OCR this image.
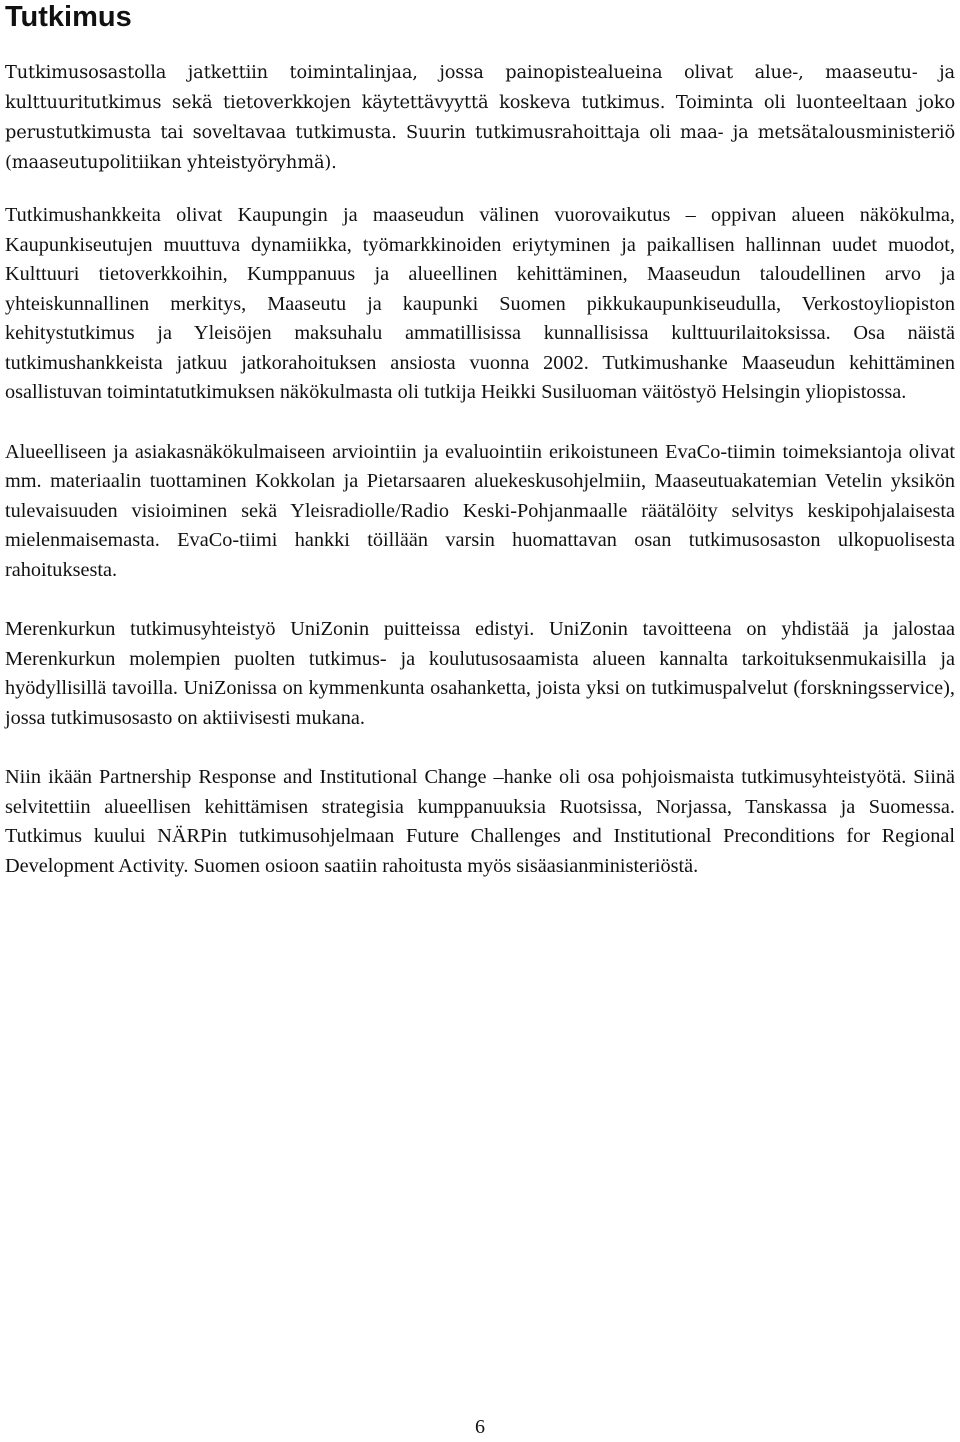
Tutkimus

Tutkimusosastolla jatkettiin toimintalinjaa, jossa painopistealueina olivat alue-, maaseutu- ja kulttuuritutkimus sekä tietoverkkojen käytettävyyttä koskeva tutkimus. Toiminta oli luonteeltaan joko perustutkimusta tai soveltavaa tutkimusta. Suurin tutkimusrahoittaja oli maa- ja metsätalousministeriö (maaseutupolitiikan yhteistyöryhmä).

Tutkimushankkeita olivat Kaupungin ja maaseudun välinen vuorovaikutus – oppivan alueen näkökulma, Kaupunkiseutujen muuttuva dynamiikka, työmarkkinoiden eriytyminen ja paikallisen hallinnan uudet muodot, Kulttuuri tietoverkkoihin, Kumppanuus ja alueellinen kehittäminen, Maaseudun taloudellinen arvo ja yhteiskunnallinen merkitys, Maaseutu ja kaupunki Suomen pikkukaupunkiseudulla, Verkostoyliopiston kehitystutkimus ja Yleisöjen maksuhalu ammatillisissa kunnallisissa kulttuurilaitoksissa. Osa näistä tutkimushankkeista jatkuu jatkorahoituksen ansiosta vuonna 2002. Tutkimushanke Maaseudun kehittäminen osallistuvan toimintatutkimuksen näkökulmasta oli tutkija Heikki Susiluoman väitöstyö Helsingin yliopistossa.

Alueelliseen ja asiakasnäkökulmaiseen arviointiin ja evaluointiin erikoistuneen EvaCo-tiimin toimeksiantoja olivat mm. materiaalin tuottaminen Kokkolan ja Pietarsaaren aluekeskusohjelmiin, Maaseutuakatemian Vetelin yksikön tulevaisuuden visioiminen sekä Yleisradiolle/Radio Keski-Pohjanmaalle räätälöity selvitys keskipohjalaisesta mielenmaisemasta. EvaCo-tiimi hankki töillään varsin huomattavan osan tutkimusosaston ulkopuolisesta rahoituksesta.

Merenkurkun tutkimusyhteistyö UniZonin puitteissa edistyi. UniZonin tavoitteena on yhdistää ja jalostaa Merenkurkun molempien puolten tutkimus- ja koulutusosaamista alueen kannalta tarkoituksenmukaisilla ja hyödyllisillä tavoilla. UniZonissa on kymmenkunta osahanketta, joista yksi on tutkimuspalvelut (forskningsservice), jossa tutkimusosasto on aktiivisesti mukana.

Niin ikään Partnership Response and Institutional Change –hanke oli osa pohjoismaista tutkimusyhteistyötä. Siinä selvitettiin alueellisen kehittämisen strategisia kumppanuuksia Ruotsissa, Norjassa, Tanskassa ja Suomessa. Tutkimus kuului NÄRPin tutkimusohjelmaan Future Challenges and Institutional Preconditions for Regional Development Activity. Suomen osioon saatiin rahoitusta myös sisäasianministeriöstä.

6
